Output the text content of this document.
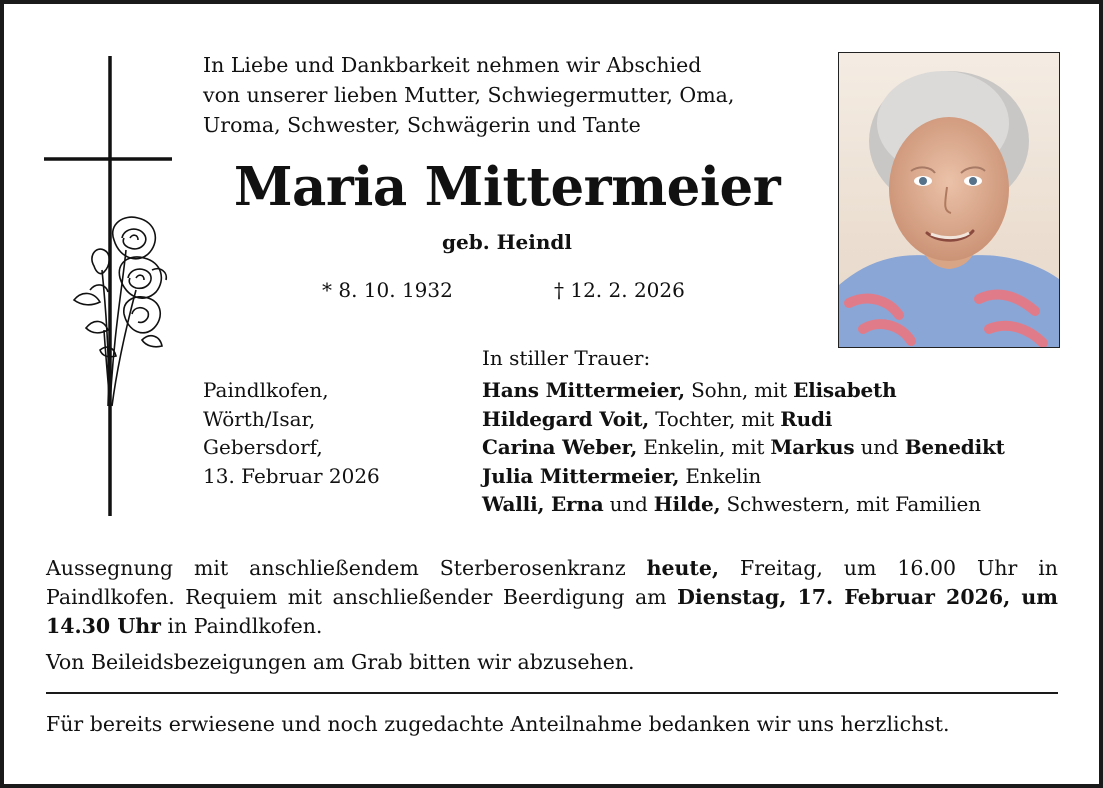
In Liebe und Dankbarkeit nehmen wir Abschied
von unserer lieben Mutter, Schwiegermutter, Oma,
Uroma, Schwester, Schwägerin und Tante
Maria Mittermeier
geb. Heindl
* 8. 10. 1932	† 12. 2. 2026
In stiller Trauer:
Paindlkofen,
Wörth/Isar,
Gebersdorf,
13. Februar 2026
Hans Mittermeier, Sohn, mit Elisabeth
Hildegard Voit, Tochter, mit Rudi
Carina Weber, Enkelin, mit Markus und Benedikt
Julia Mittermeier, Enkelin
Walli, Erna und Hilde, Schwestern, mit Familien
Aussegnung mit anschließendem Sterberosenkranz heute, Freitag, um 16.00 Uhr in Paindlkofen. Requiem mit anschließender Beerdigung am Dienstag, 17. Februar 2026, um 14.30 Uhr in Paindlkofen.
Von Beileidsbezeigungen am Grab bitten wir abzusehen.
Für bereits erwiesene und noch zugedachte Anteilnahme bedanken wir uns herzlichst.
